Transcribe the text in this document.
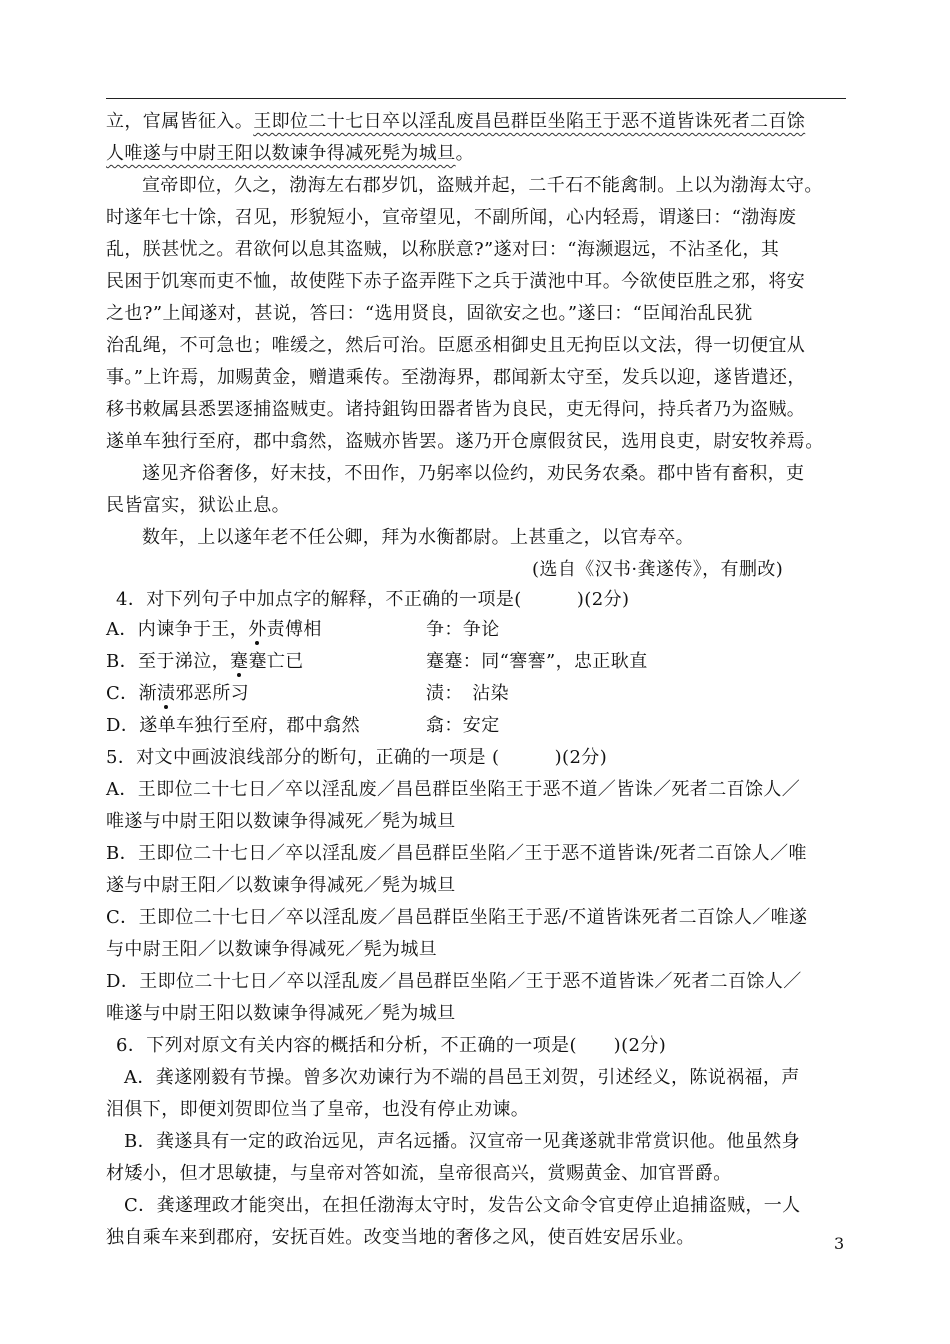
立，官属皆征入。王即位二十七日卒以淫乱废昌邑群臣坐陷王于恶不道皆诛死者二百馀
人唯遂与中尉王阳以数谏争得减死髡为城旦。
宣帝即位，久之，渤海左右郡岁饥，盗贼并起，二千石不能禽制。上以为渤海太守。
时遂年七十馀，召见，形貌短小，宣帝望见，不副所闻，心内轻焉，谓遂曰：“渤海废
乱，朕甚忧之。君欲何以息其盗贼，以称朕意?”遂对曰：“海濒遐远，不沾圣化，其
民困于饥寒而吏不恤，故使陛下赤子盗弄陛下之兵于潢池中耳。今欲使臣胜之邪，将安
之也?”上闻遂对，甚说，答曰：“选用贤良，固欲安之也。”遂曰：“臣闻治乱民犹
治乱绳，不可急也；唯缓之，然后可治。臣愿丞相御史且无拘臣以文法，得一切便宜从
事。”上许焉，加赐黄金，赠遣乘传。至渤海界，郡闻新太守至，发兵以迎，遂皆遣还，
移书敕属县悉罢逐捕盗贼吏。诸持鉏钩田器者皆为良民，吏无得问，持兵者乃为盗贼。
遂单车独行至府，郡中翕然，盗贼亦皆罢。遂乃开仓廪假贫民，选用良吏，尉安牧养焉。
遂见齐俗奢侈，好末技，不田作，乃躬率以俭约，劝民务农桑。郡中皆有畜积，吏
民皆富实，狱讼止息。
数年，上以遂年老不任公卿，拜为水衡都尉。上甚重之，以官寿卒。
(选自《汉书·龚遂传》，有删改)
4．对下列句子中加点字的解释，不正确的一项是(　　　)(2分)
A．内谏争于王，外责傅相	争：争论
B．至于涕泣，蹇蹇亡已	蹇蹇：同“謇謇”，忠正耿直
C．渐渍邪恶所习	渍：　沾染
D．遂单车独行至府，郡中翕然	翕：安定
5．对文中画波浪线部分的断句，正确的一项是 (　　　)(2分)
A．王即位二十七日／卒以淫乱废／昌邑群臣坐陷王于恶不道／皆诛／死者二百馀人／
唯遂与中尉王阳以数谏争得减死／髡为城旦
B．王即位二十七日／卒以淫乱废／昌邑群臣坐陷／王于恶不道皆诛/死者二百馀人／唯
遂与中尉王阳／以数谏争得减死／髡为城旦
C．王即位二十七日／卒以淫乱废／昌邑群臣坐陷王于恶/不道皆诛死者二百馀人／唯遂
与中尉王阳／以数谏争得减死／髡为城旦
D．王即位二十七日／卒以淫乱废／昌邑群臣坐陷／王于恶不道皆诛／死者二百馀人／
唯遂与中尉王阳以数谏争得减死／髡为城旦
6．下列对原文有关内容的概括和分析，不正确的一项是(　　)(2分)
A．龚遂刚毅有节操。曾多次劝谏行为不端的昌邑王刘贺，引述经义，陈说祸福，声
泪俱下，即便刘贺即位当了皇帝，也没有停止劝谏。
B．龚遂具有一定的政治远见，声名远播。汉宣帝一见龚遂就非常赏识他。他虽然身
材矮小，但才思敏捷，与皇帝对答如流，皇帝很高兴，赏赐黄金、加官晋爵。
C．龚遂理政才能突出，在担任渤海太守时，发告公文命令官吏停止追捕盗贼，一人
独自乘车来到郡府，安抚百姓。改变当地的奢侈之风，使百姓安居乐业。	3
